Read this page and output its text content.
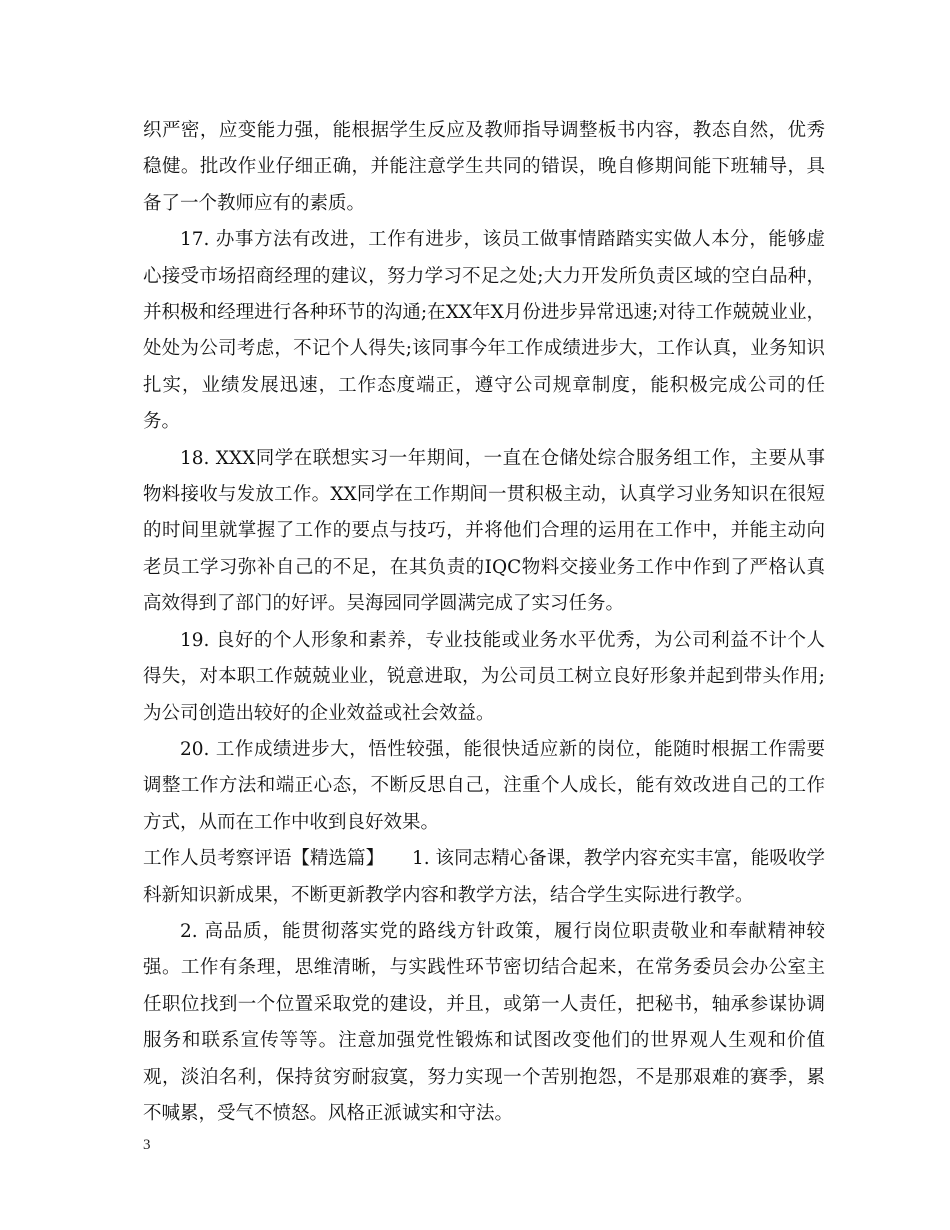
织严密，应变能力强，能根据学生反应及教师指导调整板书内容，教态自然，优秀稳健。批改作业仔细正确，并能注意学生共同的错误，晚自修期间能下班辅导，具备了一个教师应有的素质。

17. 办事方法有改进，工作有进步，该员工做事情踏踏实实做人本分，能够虚心接受市场招商经理的建议，努力学习不足之处;大力开发所负责区域的空白品种，并积极和经理进行各种环节的沟通;在XX年X月份进步异常迅速;对待工作兢兢业业，处处为公司考虑，不记个人得失;该同事今年工作成绩进步大，工作认真，业务知识扎实，业绩发展迅速，工作态度端正，遵守公司规章制度，能积极完成公司的任务。

18. XXX同学在联想实习一年期间，一直在仓储处综合服务组工作，主要从事物料接收与发放工作。XX同学在工作期间一贯积极主动，认真学习业务知识在很短的时间里就掌握了工作的要点与技巧，并将他们合理的运用在工作中，并能主动向老员工学习弥补自己的不足，在其负责的IQC物料交接业务工作中作到了严格认真高效得到了部门的好评。吴海园同学圆满完成了实习任务。

19. 良好的个人形象和素养，专业技能或业务水平优秀，为公司利益不计个人得失，对本职工作兢兢业业，锐意进取，为公司员工树立良好形象并起到带头作用;为公司创造出较好的企业效益或社会效益。

20. 工作成绩进步大，悟性较强，能很快适应新的岗位，能随时根据工作需要调整工作方法和端正心态，不断反思自己，注重个人成长，能有效改进自己的工作方式，从而在工作中收到良好效果。

工作人员考察评语【精选篇】　　1. 该同志精心备课，教学内容充实丰富，能吸收学科新知识新成果，不断更新教学内容和教学方法，结合学生实际进行教学。

2. 高品质，能贯彻落实党的路线方针政策，履行岗位职责敬业和奉献精神较强。工作有条理，思维清晰，与实践性环节密切结合起来，在常务委员会办公室主任职位找到一个位置采取党的建设，并且，或第一人责任，把秘书，轴承参谋协调服务和联系宣传等等。注意加强党性锻炼和试图改变他们的世界观人生观和价值观，淡泊名利，保持贫穷耐寂寞，努力实现一个苦别抱怨，不是那艰难的赛季，累不喊累，受气不愤怒。风格正派诚实和守法。

3
